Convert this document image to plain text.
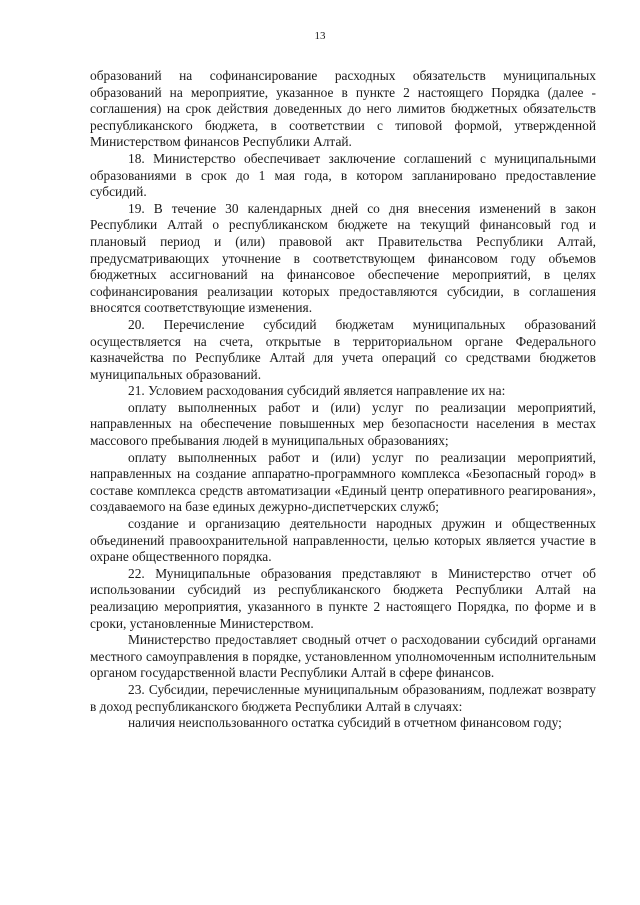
13

образований на софинансирование расходных обязательств муниципальных образований на мероприятие, указанное в пункте 2 настоящего Порядка (далее - соглашения) на срок действия доведенных до него лимитов бюджетных обязательств республиканского бюджета, в соответствии с типовой формой, утвержденной Министерством финансов Республики Алтай.

18. Министерство обеспечивает заключение соглашений с муниципальными образованиями в срок до 1 мая года, в котором запланировано предоставление субсидий.

19. В течение 30 календарных дней со дня внесения изменений в закон Республики Алтай о республиканском бюджете на текущий финансовый год и плановый период и (или) правовой акт Правительства Республики Алтай, предусматривающих уточнение в соответствующем финансовом году объемов бюджетных ассигнований на финансовое обеспечение мероприятий, в целях софинансирования реализации которых предоставляются субсидии, в соглашения вносятся соответствующие изменения.

20. Перечисление субсидий бюджетам муниципальных образований осуществляется на счета, открытые в территориальном органе Федерального казначейства по Республике Алтай для учета операций со средствами бюджетов муниципальных образований.

21. Условием расходования субсидий является направление их на:

оплату выполненных работ и (или) услуг по реализации мероприятий, направленных на обеспечение повышенных мер безопасности населения в местах массового пребывания людей в муниципальных образованиях;

оплату выполненных работ и (или) услуг по реализации мероприятий, направленных на создание аппаратно-программного комплекса «Безопасный город» в составе комплекса средств автоматизации «Единый центр оперативного реагирования», создаваемого на базе единых дежурно-диспетчерских служб;

создание и организацию деятельности народных дружин и общественных объединений правоохранительной направленности, целью которых является участие в охране общественного порядка.

22. Муниципальные образования представляют в Министерство отчет об использовании субсидий из республиканского бюджета Республики Алтай на реализацию мероприятия, указанного в пункте 2 настоящего Порядка, по форме и в сроки, установленные Министерством.

Министерство предоставляет сводный отчет о расходовании субсидий органами местного самоуправления в порядке, установленном уполномоченным исполнительным органом государственной власти Республики Алтай в сфере финансов.

23. Субсидии, перечисленные муниципальным образованиям, подлежат возврату в доход республиканского бюджета Республики Алтай в случаях:

наличия неиспользованного остатка субсидий в отчетном финансовом году;
